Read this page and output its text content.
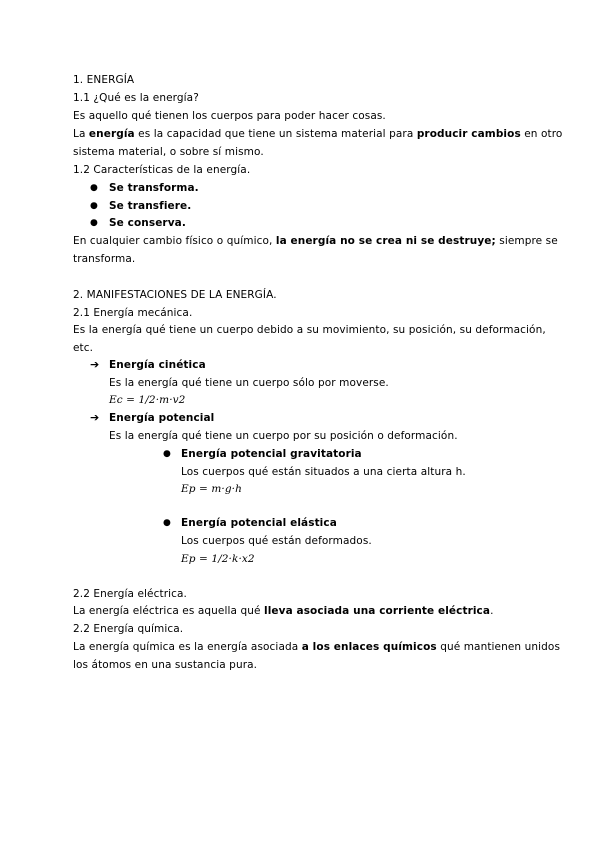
1. ENERGÍA
1.1 ¿Qué es la energía?
Es aquello qué tienen los cuerpos para poder hacer cosas.
La energía es la capacidad que tiene un sistema material para producir cambios en otro
sistema material, o sobre sí mismo.
1.2 Características de la energía.
● Se transforma.
● Se transfiere.
● Se conserva.
En cualquier cambio físico o químico, la energía no se crea ni se destruye; siempre se
transforma.
2. MANIFESTACIONES DE LA ENERGÍA.
2.1 Energía mecánica.
Es la energía qué tiene un cuerpo debido a su movimiento, su posición, su deformación,
etc.
➔ Energía cinética
Es la energía qué tiene un cuerpo sólo por moverse.
Ec = 1/2·m·v2
➔ Energía potencial
Es la energía qué tiene un cuerpo por su posición o deformación.
● Energía potencial gravitatoria
Los cuerpos qué están situados a una cierta altura h.
Ep = m·g·h
● Energía potencial elástica
Los cuerpos qué están deformados.
Ep = 1/2·k·x2
2.2 Energía eléctrica.
La energía eléctrica es aquella qué lleva asociada una corriente eléctrica.
2.2 Energía química.
La energía química es la energía asociada a los enlaces químicos qué mantienen unidos
los átomos en una sustancia pura.
